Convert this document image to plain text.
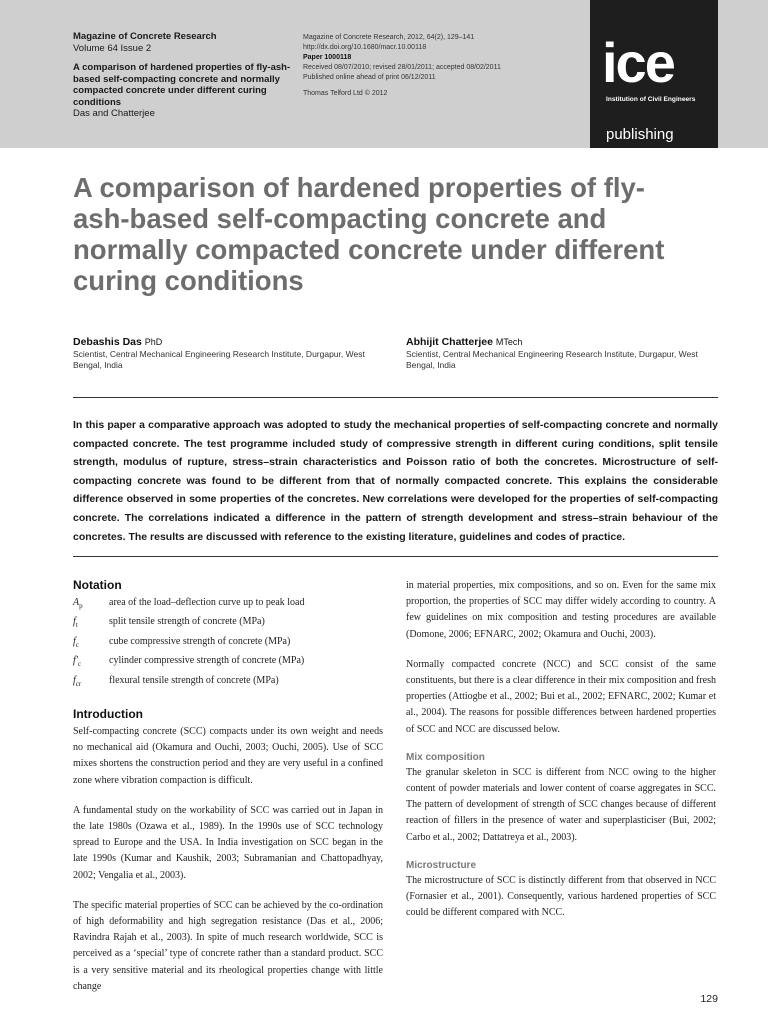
Magazine of Concrete Research
Volume 64 Issue 2
A comparison of hardened properties of fly-ash-based self-compacting concrete and normally compacted concrete under different curing conditions
Das and Chatterjee
Magazine of Concrete Research, 2012, 64(2), 129–141
http://dx.doi.org/10.1680/macr.10.00118
Paper 1000118
Received 08/07/2010; revised 28/01/2011; accepted 08/02/2011
Published online ahead of print 06/12/2011
Thomas Telford Ltd © 2012	ice
Institution of Civil Engineers
publishing
A comparison of hardened properties of fly-ash-based self-compacting concrete and normally compacted concrete under different curing conditions
Debashis Das PhD
Scientist, Central Mechanical Engineering Research Institute, Durgapur, West Bengal, India
Abhijit Chatterjee MTech
Scientist, Central Mechanical Engineering Research Institute, Durgapur, West Bengal, India

In this paper a comparative approach was adopted to study the mechanical properties of self-compacting concrete and normally compacted concrete. The test programme included study of compressive strength in different curing conditions, split tensile strength, modulus of rupture, stress–strain characteristics and Poisson ratio of both the concretes. Microstructure of self-compacting concrete was found to be different from that of normally compacted concrete. This explains the considerable difference observed in some properties of the concretes. New correlations were developed for the properties of self-compacting concrete. The correlations indicated a difference in the pattern of strength development and stress–strain behaviour of the concretes. The results are discussed with reference to the existing literature, guidelines and codes of practice.

Notation
$A_p$	area of the load–deflection curve up to peak load
$f_t$	split tensile strength of concrete (MPa)
$f_c$	cube compressive strength of concrete (MPa)
$f'_c$	cylinder compressive strength of concrete (MPa)
$f_{cr}$	flexural tensile strength of concrete (MPa)
Introduction

Self-compacting concrete (SCC) compacts under its own weight and needs no mechanical aid (Okamura and Ouchi, 2003; Ouchi, 2005). Use of SCC mixes shortens the construction period and they are very useful in a confined zone where vibration compaction is difficult.

A fundamental study on the workability of SCC was carried out in Japan in the late 1980s (Ozawa et al., 1989). In the 1990s use of SCC technology spread to Europe and the USA. In India investigation on SCC began in the late 1990s (Kumar and Kaushik, 2003; Subramanian and Chattopadhyay, 2002; Vengalia et al., 2003).

The specific material properties of SCC can be achieved by the co-ordination of high deformability and high segregation resistance (Das et al., 2006; Ravindra Rajah et al., 2003). In spite of much research worldwide, SCC is perceived as a ‘special’ type of concrete rather than a standard product. SCC is a very sensitive material and its rheological properties change with little change

in material properties, mix compositions, and so on. Even for the same mix proportion, the properties of SCC may differ widely according to country. A few guidelines on mix composition and testing procedures are available (Domone, 2006; EFNARC, 2002; Okamura and Ouchi, 2003).

Normally compacted concrete (NCC) and SCC consist of the same constituents, but there is a clear difference in their mix composition and fresh properties (Attiogbe et al., 2002; Bui et al., 2002; EFNARC, 2002; Kumar et al., 2004). The reasons for possible differences between hardened properties of SCC and NCC are discussed below.

Mix composition

The granular skeleton in SCC is different from NCC owing to the higher content of powder materials and lower content of coarse aggregates in SCC. The pattern of development of strength of SCC changes because of different reaction of fillers in the presence of water and superplasticiser (Bui, 2002; Carbo et al., 2002; Dattatreya et al., 2003).

Microstructure

The microstructure of SCC is distinctly different from that observed in NCC (Fornasier et al., 2001). Consequently, various hardened properties of SCC could be different compared with NCC.

129
